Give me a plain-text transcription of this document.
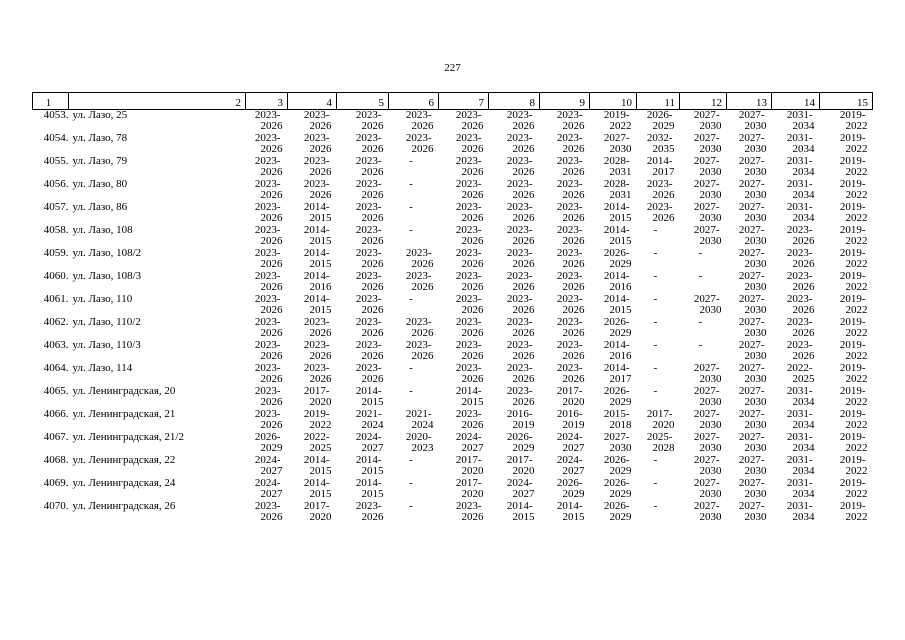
227
1	2	3	4	5	6	7	8	9	10	11	12	13	14	15
4053.	ул. Лазо, 25	2023-
2026	2023-
2026	2023-
2026	2023-
2026	2023-
2026	2023-
2026	2023-
2026	2019-
2022	2026-
2029	2027-
2030	2027-
2030	2031-
2034	2019-
2022

4054.	ул. Лазо, 78	2023-
2026	2023-
2026	2023-
2026	2023-
2026	2023-
2026	2023-
2026	2023-
2026	2027-
2030	2032-
2035	2027-
2030	2027-
2030	2031-
2034	2019-
2022

4055.	ул. Лазо, 79	2023-
2026	2023-
2026	2023-
2026	-	2023-
2026	2023-
2026	2023-
2026	2028-
2031	2014-
2017	2027-
2030	2027-
2030	2031-
2034	2019-
2022

4056.	ул. Лазо, 80	2023-
2026	2023-
2026	2023-
2026	-	2023-
2026	2023-
2026	2023-
2026	2028-
2031	2023-
2026	2027-
2030	2027-
2030	2031-
2034	2019-
2022

4057.	ул. Лазо, 86	2023-
2026	2014-
2015	2023-
2026	-	2023-
2026	2023-
2026	2023-
2026	2014-
2015	2023-
2026	2027-
2030	2027-
2030	2031-
2034	2019-
2022

4058.	ул. Лазо, 108	2023-
2026	2014-
2015	2023-
2026	-	2023-
2026	2023-
2026	2023-
2026	2014-
2015	-	2027-
2030	2027-
2030	2023-
2026	2019-
2022

4059.	ул. Лазо, 108/2	2023-
2026	2014-
2015	2023-
2026	2023-
2026	2023-
2026	2023-
2026	2023-
2026	2026-
2029	-	-	2027-
2030	2023-
2026	2019-
2022

4060.	ул. Лазо, 108/3	2023-
2026	2014-
2016	2023-
2026	2023-
2026	2023-
2026	2023-
2026	2023-
2026	2014-
2016	-	-	2027-
2030	2023-
2026	2019-
2022

4061.	ул. Лазо, 110	2023-
2026	2014-
2015	2023-
2026	-	2023-
2026	2023-
2026	2023-
2026	2014-
2015	-	2027-
2030	2027-
2030	2023-
2026	2019-
2022

4062.	ул. Лазо, 110/2	2023-
2026	2023-
2026	2023-
2026	2023-
2026	2023-
2026	2023-
2026	2023-
2026	2026-
2029	-	-	2027-
2030	2023-
2026	2019-
2022

4063.	ул. Лазо, 110/3	2023-
2026	2023-
2026	2023-
2026	2023-
2026	2023-
2026	2023-
2026	2023-
2026	2014-
2016	-	-	2027-
2030	2023-
2026	2019-
2022

4064.	ул. Лазо, 114	2023-
2026	2023-
2026	2023-
2026	-	2023-
2026	2023-
2026	2023-
2026	2014-
2017	-	2027-
2030	2027-
2030	2022-
2025	2019-
2022

4065.	ул. Ленинградская, 20	2023-
2026	2017-
2020	2014-
2015	-	2014-
2015	2023-
2026	2017-
2020	2026-
2029	-	2027-
2030	2027-
2030	2031-
2034	2019-
2022

4066.	ул. Ленинградская, 21	2023-
2026	2019-
2022	2021-
2024	2021-
2024	2023-
2026	2016-
2019	2016-
2019	2015-
2018	2017-
2020	2027-
2030	2027-
2030	2031-
2034	2019-
2022

4067.	ул. Ленинградская, 21/2	2026-
2029	2022-
2025	2024-
2027	2020-
2023	2024-
2027	2026-
2029	2024-
2027	2027-
2030	2025-
2028	2027-
2030	2027-
2030	2031-
2034	2019-
2022

4068.	ул. Ленинградская, 22	2024-
2027	2014-
2015	2014-
2015	-	2017-
2020	2017-
2020	2024-
2027	2026-
2029	-	2027-
2030	2027-
2030	2031-
2034	2019-
2022

4069.	ул. Ленинградская, 24	2024-
2027	2014-
2015	2014-
2015	-	2017-
2020	2024-
2027	2026-
2029	2026-
2029	-	2027-
2030	2027-
2030	2031-
2034	2019-
2022

4070.	ул. Ленинградская, 26	2023-
2026	2017-
2020	2023-
2026	-	2023-
2026	2014-
2015	2014-
2015	2026-
2029	-	2027-
2030	2027-
2030	2031-
2034	2019-
2022
